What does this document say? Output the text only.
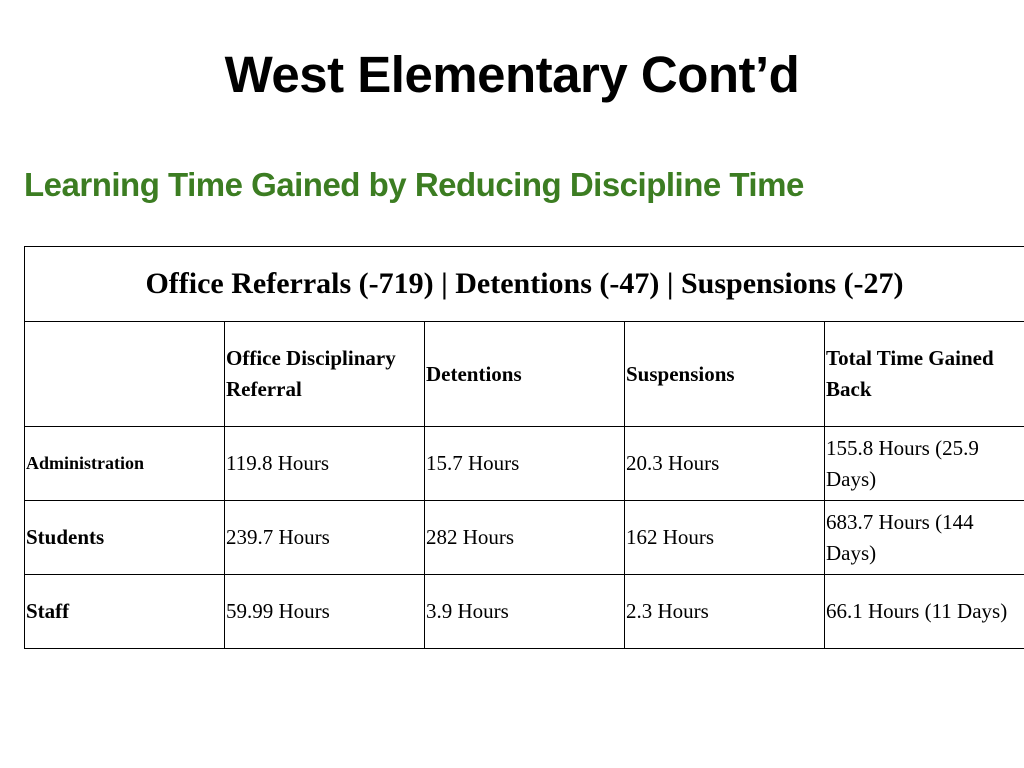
West Elementary Cont’d
Learning Time Gained by Reducing Discipline Time
Office Referrals (-719) | Detentions (-47) | Suspensions (-27)				
	Office Disciplinary Referral	Detentions	Suspensions	Total Time Gained Back
Administration	119.8 Hours	15.7 Hours	20.3 Hours	155.8 Hours (25.9 Days)
Students	239.7 Hours	282 Hours	162 Hours	683.7 Hours (144 Days)
Staff	59.99 Hours	3.9 Hours	2.3 Hours	66.1 Hours (11 Days)
